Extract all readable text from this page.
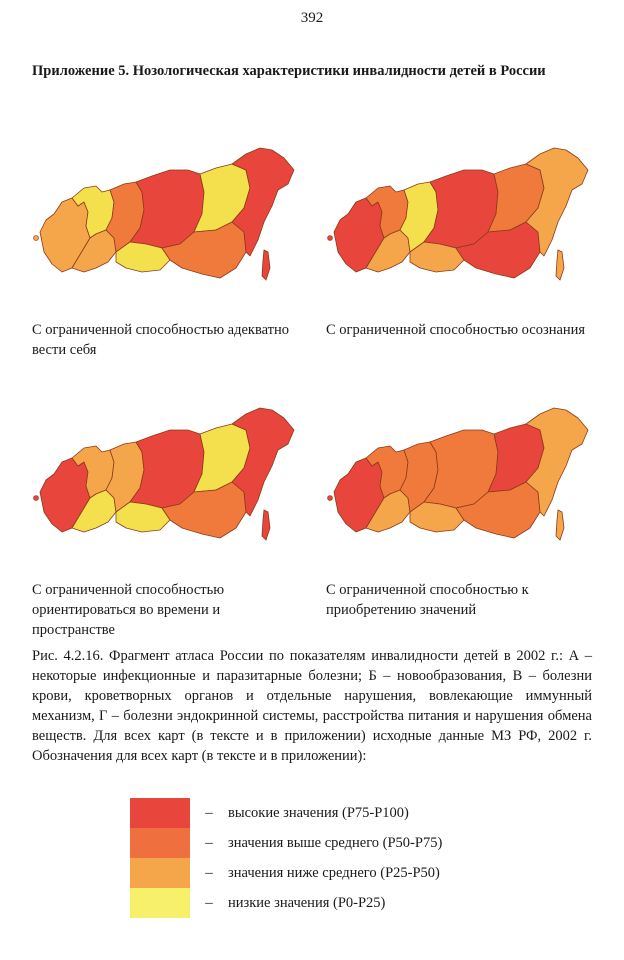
392
Приложение 5. Нозологическая характеристики инвалидности детей в России
С ограниченной способностью адекватно вести себя
С ограниченной способностью осознания
С ограниченной способностью ориентироваться во времени и пространстве
С ограниченной способностью к приобретению значений
Рис. 4.2.16. Фрагмент атласа России по показателям инвалидности детей в 2002 г.: А – некоторые инфекционные и паразитарные болезни; Б – новообразования, В – болезни крови, кроветворных органов и отдельные нарушения, вовлекающие иммунный механизм, Г – болезни эндокринной системы, расстройства питания и нарушения обмена веществ. Для всех карт (в тексте и в приложении) исходные данные МЗ РФ, 2002 г. Обозначения для всех карт (в тексте и в приложении):
–	высокие значения (Р75-Р100)
–	значения выше среднего (Р50-Р75)
–	значения ниже среднего (Р25-Р50)
–	низкие значения (Р0-Р25)
